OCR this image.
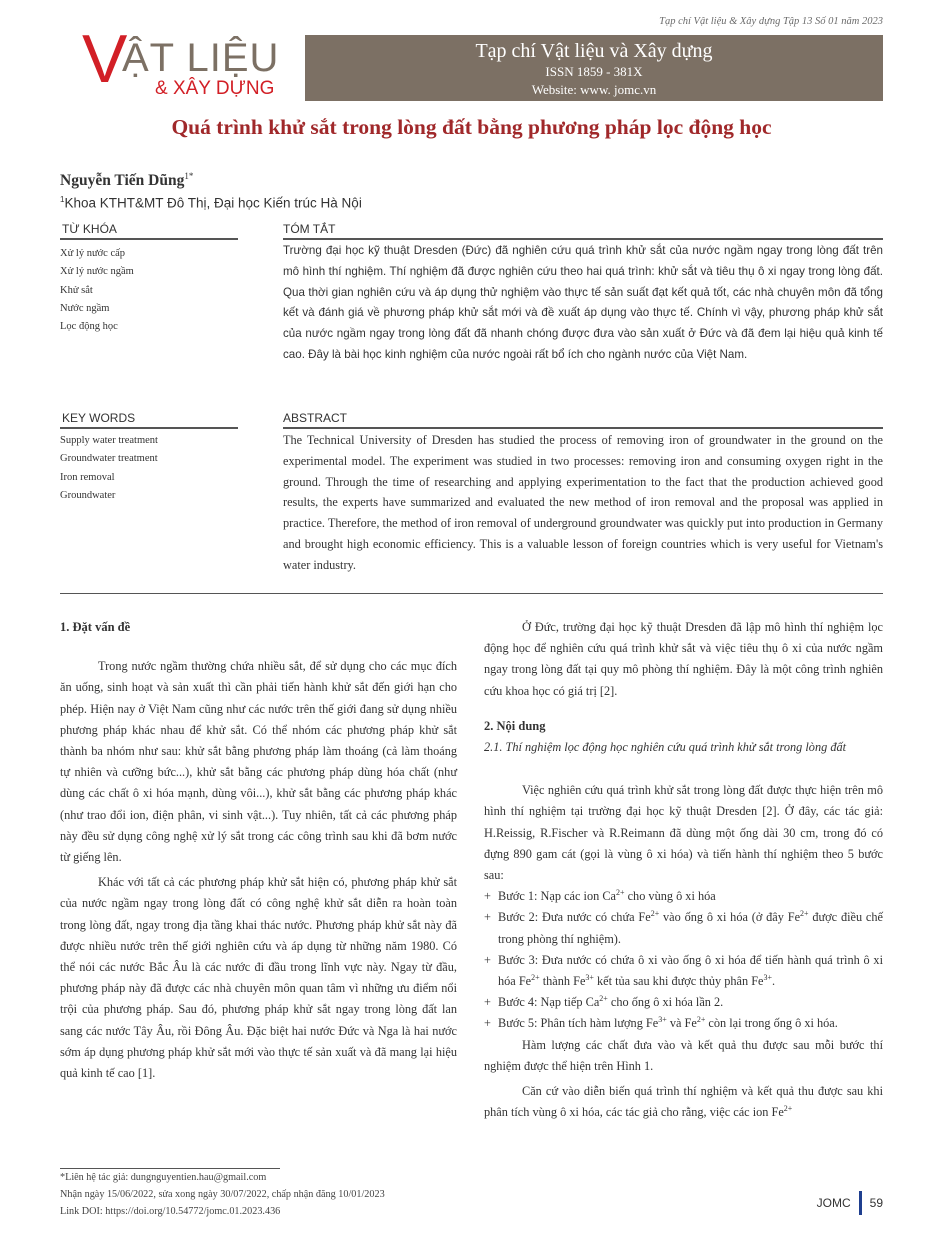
Tạp chí Vật liệu & Xây dựng Tập 13 Số 01 năm 2023
V
ẬT LIỆU
& XÂY DỰNG
Tạp chí Vật liệu và Xây dựng
ISSN 1859 - 381X
Website: www. jomc.vn
Quá trình khử sắt trong lòng đất bằng phương pháp lọc động học
Nguyễn Tiến Dũng$^{1*}$
$^1$Khoa KTHT&MT Đô Thị, Đại học Kiến trúc Hà Nội
TỪ KHÓA
Xử lý nước cấp
Xử lý nước ngầm
Khử sắt
Nước ngầm
Lọc động học
TÓM TẮT
Trường đại học kỹ thuật Dresden (Đức) đã nghiên cứu quá trình khử sắt của nước ngầm ngay trong lòng đất trên mô hình thí nghiệm. Thí nghiệm đã được nghiên cứu theo hai quá trình: khử sắt và tiêu thụ ô xi ngay trong lòng đất. Qua thời gian nghiên cứu và áp dụng thử nghiệm vào thực tế sản suất đạt kết quả tốt, các nhà chuyên môn đã tổng kết và đánh giá về phương pháp khử sắt mới và đề xuất áp dụng vào thực tế. Chính vì vậy, phương pháp khử sắt của nước ngầm ngay trong lòng đất đã nhanh chóng được đưa vào sản xuất ở Đức và đã đem lại hiệu quả kinh tế cao. Đây là bài học kinh nghiệm của nước ngoài rất bổ ích cho ngành nước của Việt Nam.
KEY WORDS
Supply water treatment
Groundwater treatment
Iron removal
Groundwater
ABSTRACT
The Technical University of Dresden has studied the process of removing iron of groundwater in the ground on the experimental model. The experiment was studied in two processes: removing iron and consuming oxygen right in the ground. Through the time of researching and applying experimentation to the fact that the production achieved good results, the experts have summarized and evaluated the new method of iron removal and the proposal was applied in practice. Therefore, the method of iron removal of underground groundwater was quickly put into production in Germany and brought high economic efficiency. This is a valuable lesson of foreign countries which is very useful for Vietnam's water industry.
1. Đặt vấn đề

Trong nước ngầm thường chứa nhiều sắt, để sử dụng cho các mục đích ăn uống, sinh hoạt và sản xuất thì cần phải tiến hành khử sắt đến giới hạn cho phép. Hiện nay ở Việt Nam cũng như các nước trên thế giới đang sử dụng nhiều phương pháp khác nhau để khử sắt. Có thể nhóm các phương pháp khử sắt thành ba nhóm như sau: khử sắt bằng phương pháp làm thoáng (cả làm thoáng tự nhiên và cưỡng bức...), khử sắt bằng các phương pháp dùng hóa chất (như dùng các chất ô xi hóa mạnh, dùng vôi...), khử sắt bằng các phương pháp khác (như trao đổi ion, điện phân, vi sinh vật...). Tuy nhiên, tất cả các phương pháp này đều sử dụng công nghệ xử lý sắt trong các công trình sau khi đã bơm nước từ giếng lên.

Khác với tất cả các phương pháp khử sắt hiện có, phương pháp khử sắt của nước ngầm ngay trong lòng đất có công nghệ khử sắt diễn ra hoàn toàn trong lòng đất, ngay trong địa tầng khai thác nước. Phương pháp khử sắt này đã được nhiều nước trên thế giới nghiên cứu và áp dụng từ những năm 1980. Có thể nói các nước Bắc Âu là các nước đi đầu trong lĩnh vực này. Ngay từ đầu, phương pháp này đã được các nhà chuyên môn quan tâm vì những ưu điểm nổi trội của phương pháp. Sau đó, phương pháp khử sắt ngay trong lòng đất lan sang các nước Tây Âu, rồi Đông Âu. Đặc biệt hai nước Đức và Nga là hai nước sớm áp dụng phương pháp khử sắt mới vào thực tế sản xuất và đã mang lại hiệu quả kinh tế cao [1].

Ở Đức, trường đại học kỹ thuật Dresden đã lập mô hình thí nghiệm lọc động học để nghiên cứu quá trình khử sắt và việc tiêu thụ ô xi của nước ngầm ngay trong lòng đất tại quy mô phòng thí nghiệm. Đây là một công trình nghiên cứu khoa học có giá trị [2].

2. Nội dung
2.1. Thí nghiệm lọc động học nghiên cứu quá trình khử sắt trong lòng đất

Việc nghiên cứu quá trình khử sắt trong lòng đất được thực hiện trên mô hình thí nghiệm tại trường đại học kỹ thuật Dresden [2]. Ở đây, các tác giả: H.Reissig, R.Fischer và R.Reimann đã dùng một ống dài 30 cm, trong đó có đựng 890 gam cát (gọi là vùng ô xi hóa) và tiến hành thí nghiệm theo 5 bước sau:

+ Bước 1: Nạp các ion $Ca^{2+}$ cho vùng ô xi hóa
+ Bước 2: Đưa nước có chứa $Fe^{2+}$ vào ống ô xi hóa (ở đây $Fe^{2+}$ được điều chế trong phòng thí nghiệm).
+ Bước 3: Đưa nước có chứa ô xi vào ống ô xi hóa để tiến hành quá trình ô xi hóa $Fe^{2+}$ thành $Fe^{3+}$ kết tủa sau khi được thủy phân $Fe^{3+}$.
+ Bước 4: Nạp tiếp $Ca^{2+}$ cho ống ô xi hóa lần 2.
+ Bước 5: Phân tích hàm lượng $Fe^{3+}$ và $Fe^{2+}$ còn lại trong ống ô xi hóa.

Hàm lượng các chất đưa vào và kết quả thu được sau mỗi bước thí nghiệm được thể hiện trên Hình 1.

Căn cứ vào diễn biến quá trình thí nghiệm và kết quả thu được sau khi phân tích vùng ô xi hóa, các tác giả cho rằng, việc các ion $Fe^{2+}$

*Liên hệ tác giả: dungnguyentien.hau@gmail.com
Nhận ngày 15/06/2022, sửa xong ngày 30/07/2022, chấp nhận đăng 10/01/2023
Link DOI: https://doi.org/10.54772/jomc.01.2023.436
JOMC 59
